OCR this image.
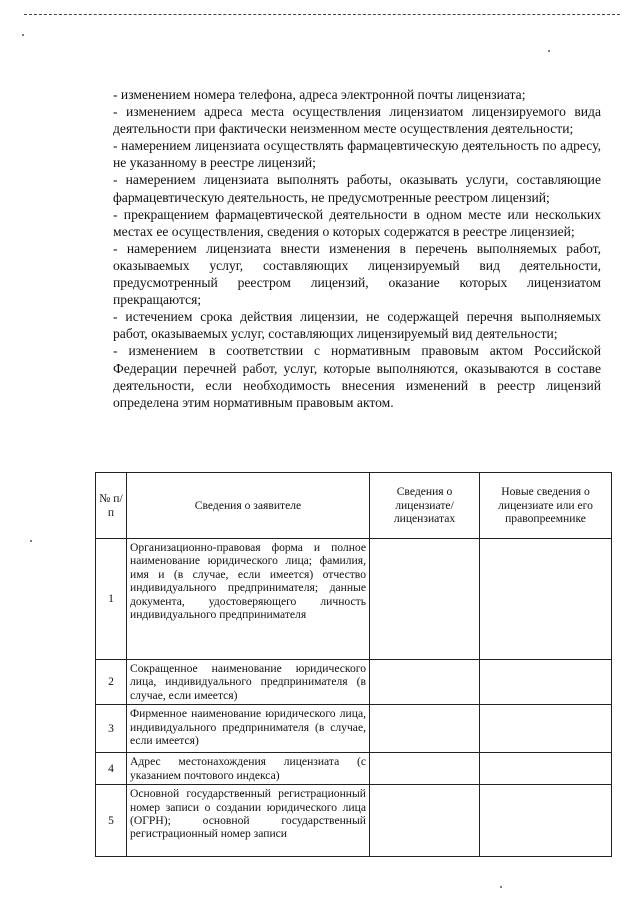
- изменением номера телефона, адреса электронной почты лицензиата;
- изменением адреса места осуществления лицензиатом лицензируемого вида деятельности при фактически неизменном месте осуществления деятельности;
- намерением лицензиата осуществлять фармацевтическую деятельность по адресу, не указанному в реестре лицензий;
- намерением лицензиата выполнять работы, оказывать услуги, составляющие фармацевтическую деятельность, не предусмотренные реестром лицензий;
- прекращением фармацевтической деятельности в одном месте или нескольких местах ее осуществления, сведения о которых содержатся в реестре лицензией;
- намерением лицензиата внести изменения в перечень выполняемых работ, оказываемых услуг, составляющих лицензируемый вид деятельности, предусмотренный реестром лицензий, оказание которых лицензиатом прекращаются;
- истечением срока действия лицензии, не содержащей перечня выполняемых работ, оказываемых услуг, составляющих лицензируемый вид деятельности;
- изменением в соответствии с нормативным правовым актом Российской Федерации перечней работ, услуг, которые выполняются, оказываются в составе деятельности, если необходимость внесения изменений в реестр лицензий определена этим нормативным правовым актом.
№ п/п	Сведения о заявителе	Сведения о лицензиате/ лицензиатах	Новые сведения о лицензиате или его правопреемнике
1	Организационно-правовая форма и полное наименование юридического лица; фамилия, имя и (в случае, если имеется) отчество индивидуального предпринимателя; данные документа, удостоверяющего личность индивидуального предпринимателя		
2	Сокращенное наименование юридического лица, индивидуального предпринимателя (в случае, если имеется)		
3	Фирменное наименование юридического лица, индивидуального предпринимателя (в случае, если имеется)		
4	Адрес местонахождения лицензиата (с указанием почтового индекса)		
5	Основной государственный регистрационный номер записи о создании юридического лица (ОГРН); основной государственный регистрационный номер записи		
